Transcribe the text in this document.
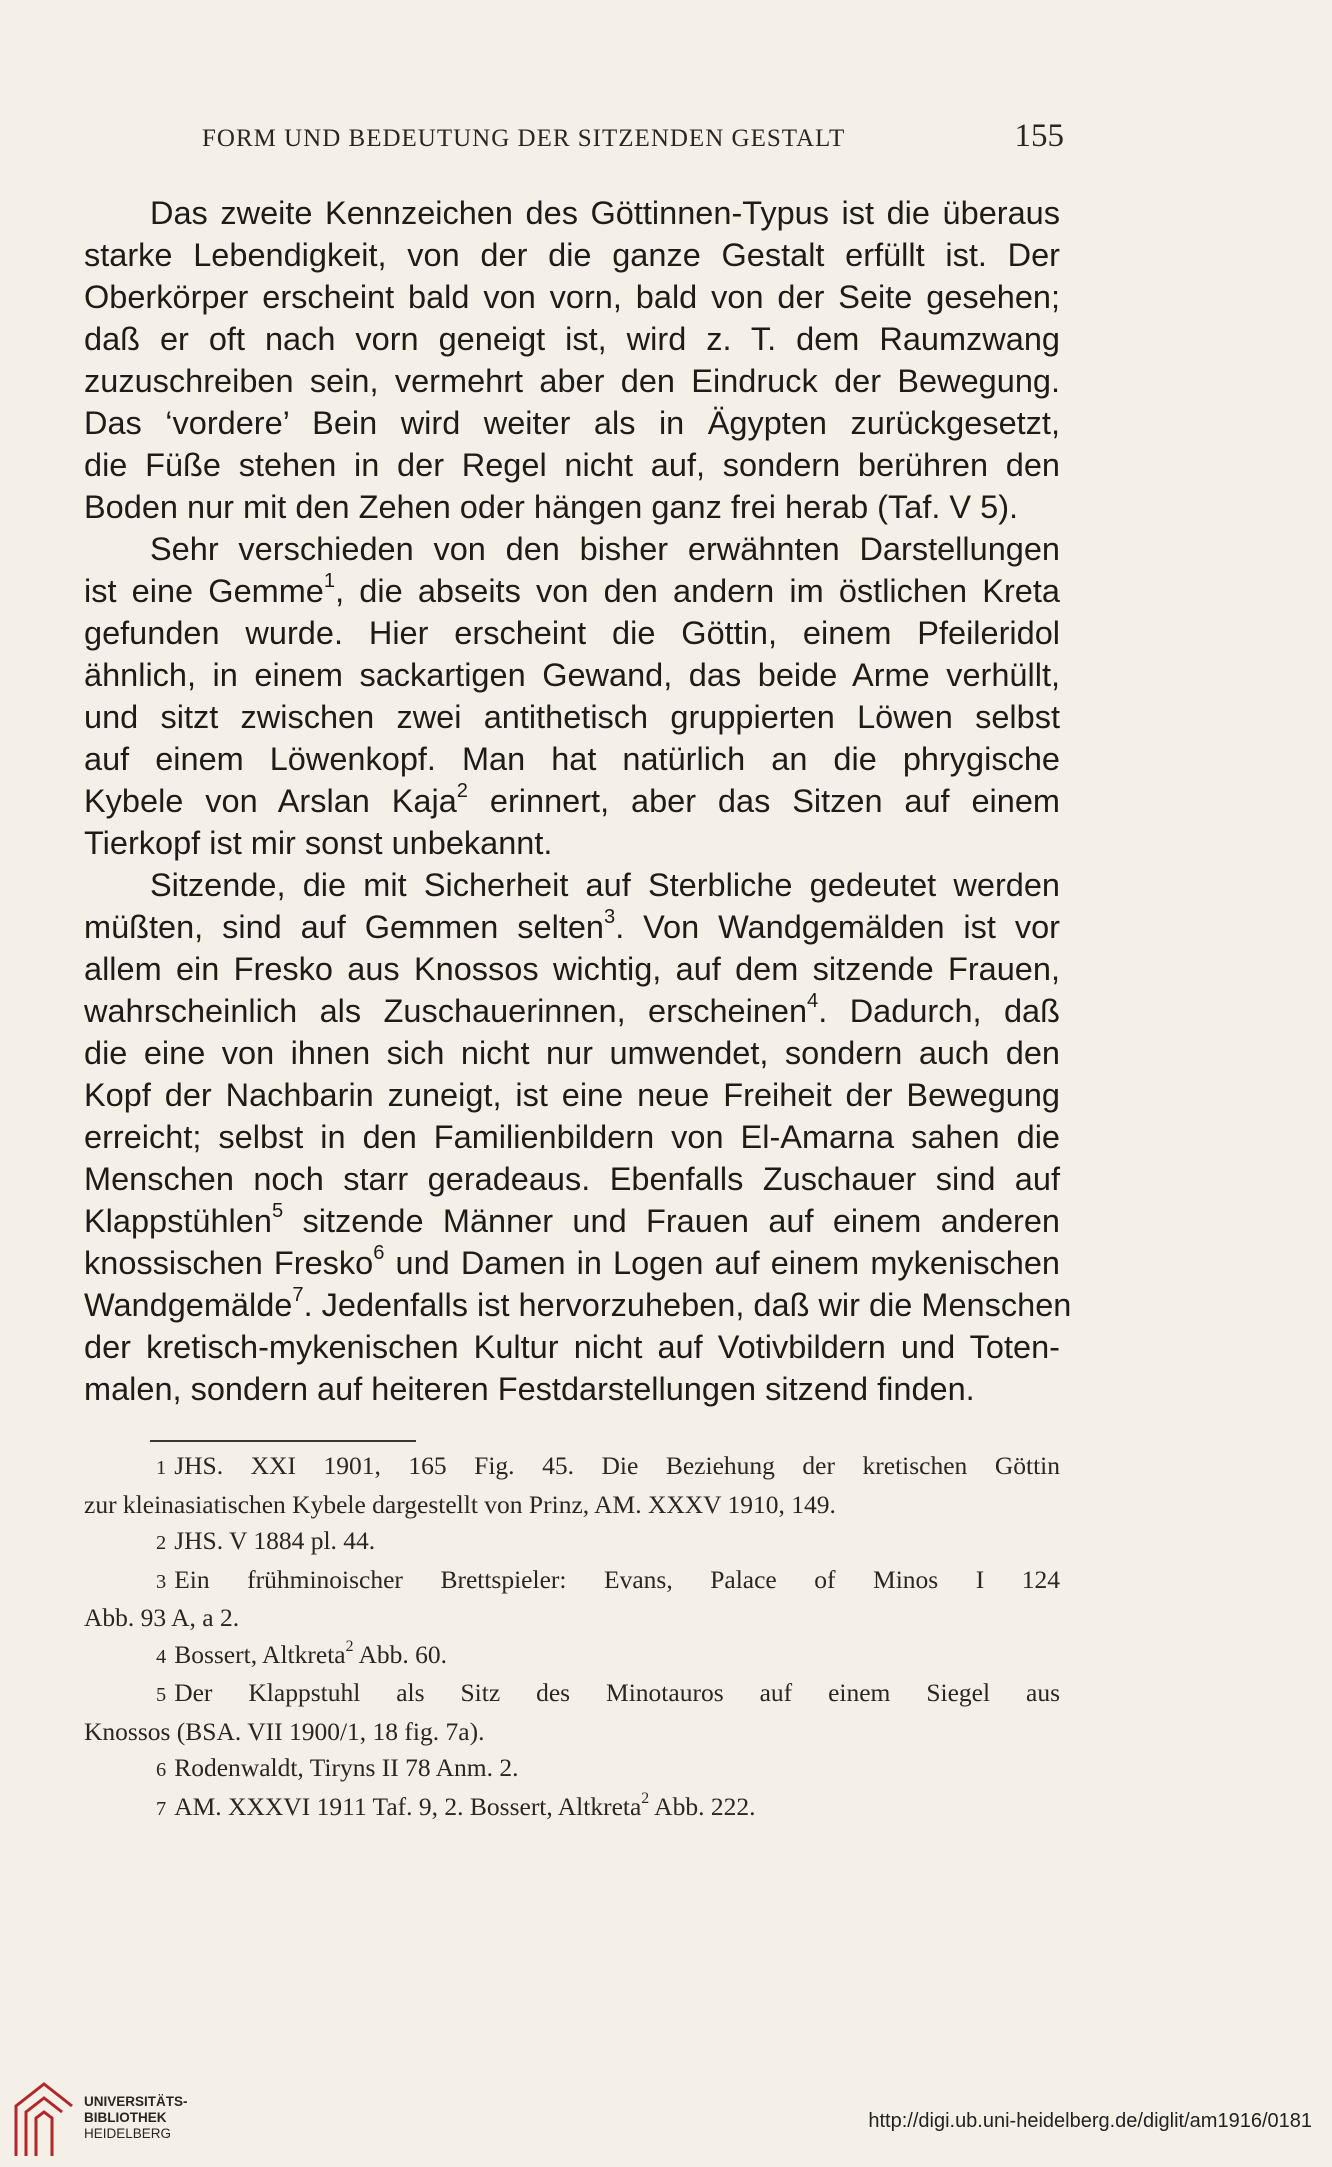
FORM UND BEDEUTUNG DER SITZENDEN GESTALT	155
Das zweite Kennzeichen des Göttinnen-Typus ist die überaus
starke Lebendigkeit, von der die ganze Gestalt erfüllt ist. Der
Oberkörper erscheint bald von vorn, bald von der Seite gesehen;
daß er oft nach vorn geneigt ist, wird z. T. dem Raumzwang
zuzuschreiben sein, vermehrt aber den Eindruck der Bewegung.
Das ‘vordere’ Bein wird weiter als in Ägypten zurückgesetzt,
die Füße stehen in der Regel nicht auf, sondern berühren den
Boden nur mit den Zehen oder hängen ganz frei herab (Taf. V 5).
Sehr verschieden von den bisher erwähnten Darstellungen
ist eine Gemme$^1$, die abseits von den andern im östlichen Kreta
gefunden wurde. Hier erscheint die Göttin, einem Pfeileridol
ähnlich, in einem sackartigen Gewand, das beide Arme verhüllt,
und sitzt zwischen zwei antithetisch gruppierten Löwen selbst
auf einem Löwenkopf. Man hat natürlich an die phrygische
Kybele von Arslan Kaja$^2$ erinnert, aber das Sitzen auf einem
Tierkopf ist mir sonst unbekannt.
Sitzende, die mit Sicherheit auf Sterbliche gedeutet werden
müßten, sind auf Gemmen selten$^3$. Von Wandgemälden ist vor
allem ein Fresko aus Knossos wichtig, auf dem sitzende Frauen,
wahrscheinlich als Zuschauerinnen, erscheinen$^4$. Dadurch, daß
die eine von ihnen sich nicht nur umwendet, sondern auch den
Kopf der Nachbarin zuneigt, ist eine neue Freiheit der Bewegung
erreicht; selbst in den Familienbildern von El-Amarna sahen die
Menschen noch starr geradeaus. Ebenfalls Zuschauer sind auf
Klappstühlen$^5$ sitzende Männer und Frauen auf einem anderen
knossischen Fresko$^6$ und Damen in Logen auf einem mykenischen
Wandgemälde$^7$. Jedenfalls ist hervorzuheben, daß wir die Menschen
der kretisch-mykenischen Kultur nicht auf Votivbildern und Toten-
malen, sondern auf heiteren Festdarstellungen sitzend finden.
1 JHS. XXI 1901, 165 Fig. 45. Die Beziehung der kretischen Göttin
zur kleinasiatischen Kybele dargestellt von Prinz, AM. XXXV 1910, 149.
2 JHS. V 1884 pl. 44.
3 Ein frühminoischer Brettspieler: Evans, Palace of Minos I 124
Abb. 93 A, a 2.
4 Bossert, Altkreta$^2$ Abb. 60.
5 Der Klappstuhl als Sitz des Minotauros auf einem Siegel aus
Knossos (BSA. VII 1900/1, 18 fig. 7a).
6 Rodenwaldt, Tiryns II 78 Anm. 2.
7 AM. XXXVI 1911 Taf. 9, 2. Bossert, Altkreta$^2$ Abb. 222.
UNIVERSITÄTS-
BIBLIOTHEK
HEIDELBERG
http://digi.ub.uni-heidelberg.de/diglit/am1916/0181
